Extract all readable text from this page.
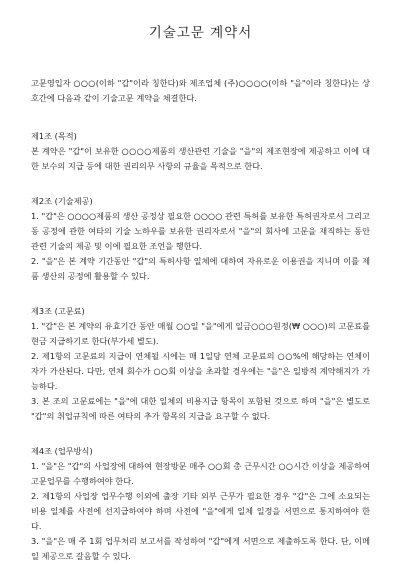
기술고문 계약서

고문영입자 ○○○(이하 "갑"이라 칭한다)와 제조업체 (주)○○○○(이하 "을"이라 칭한다)는 상호간에 다음과 같이 기술고문 계약을 체결한다.

제1조 (목적)

본 계약은 "갑"이 보유한 ○○○○제품의 생산관련 기술을 "을"의 제조현장에 제공하고 이에 대한 보수의 지급 등에 대한 권리의무 사항의 규율을 목적으로 한다.

제2조 (기술제공)

1. "갑"은 ○○○○제품의 생산 공정상 필요한 ○○○○ 관련 특허를 보유한 특허권자로서 그리고 동 공정에 관한 여타의 기술 노하우를 보유한 권리자로서 "을"의 회사에 고문을 재직하는 동안 관련 기술의 제공 및 이에 필요한 조언을 행한다.

2. "을"은 본 계약 기간동안 "갑"의 특허사항 일체에 대하여 자유로운 이용권을 지니며 이를 제품 생산의 공정에 활용할 수 있다.

제3조 (고문료)

1. "갑"은 본 계약의 유효기간 동안 매월 ○○일 "을"에게 일금○○○원정(₩ ○○○)의 고문료를 현금 지급하기로 한다(부가세 별도).

2. 제1항의 고문료의 지급이 연체될 시에는 매 1일당 연체 고문료의 ○○%에 해당하는 연체이자가 가산된다. 다만, 연체 회수가 ○○회 이상을 초과할 경우에는 "을"은 일방적 계약해지가 가능하다.

3. 본 조의 고문료에는 "을"에 대한 일체의 비용지급 항목이 포함된 것으로 하며 "을"은 별도로 "갑"의 취업규칙에 따른 여타의 추가 항목의 지급을 요구할 수 없다.

제4조 (업무방식)

1. "을"은 "갑"의 사업장에 대하여 현장방문 매주 ○○회 총 근무시간 ○○시간 이상을 제공하여 고문업무를 수행하여야 한다.

2. 제1항의 사업장 업무수행 이외에 출장 기타 외부 근무가 필요한 경우 "갑"은 그에 소요되는 비용 일체를 사전에 선지급하여야 하며 사전에 "을"에게 일체 일정을 서면으로 통지하여야 한다.

3. "을"은 매 주 1회 업무처리 보고서를 작성하여 "갑"에게 서면으로 제출하도록 한다. 단, 이메일 제공으로 갈음할 수 있다.
